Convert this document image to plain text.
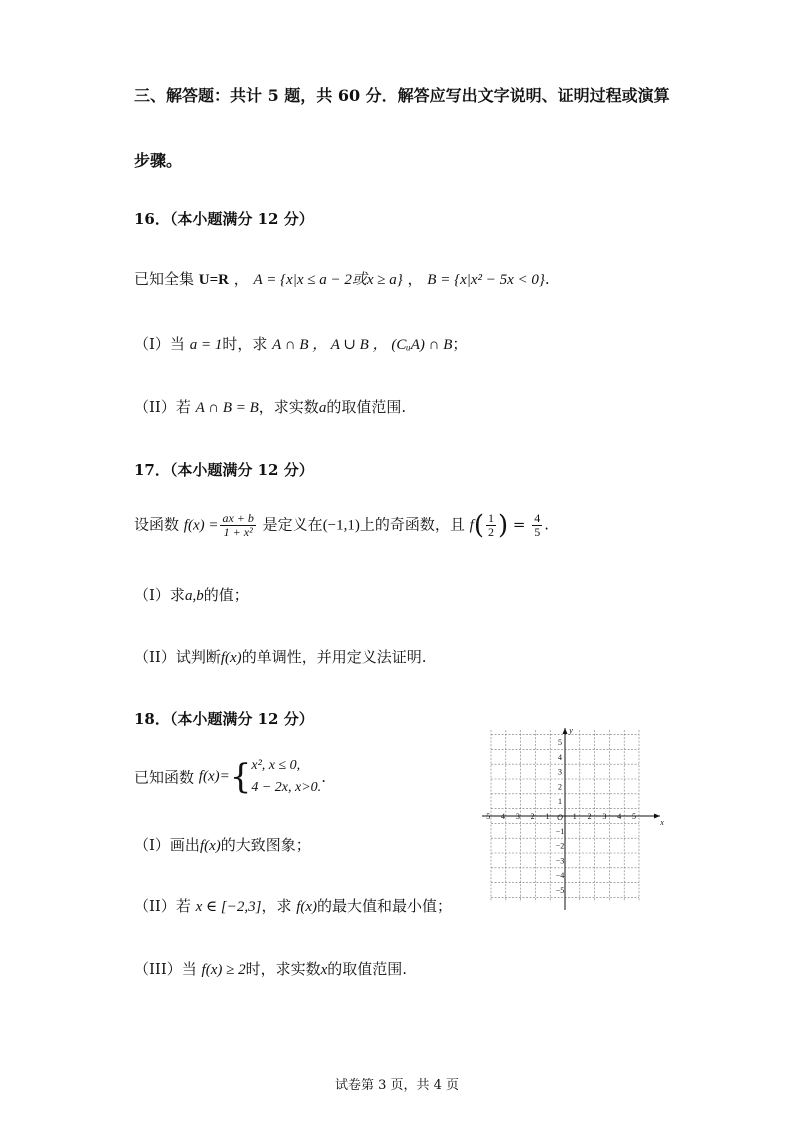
三、解答题：共计 5 题，共 60 分．解答应写出文字说明、证明过程或演算
步骤。
16．（本小题满分 12 分）
已知全集 U=R ， A = {x|x ≤ a − 2或x ≥ a} ， B = {x|x² − 5x < 0}.
（Ⅰ）当 a = 1时，求 A ∩ B ， A ∪ B ， (CᵤA) ∩ B；
（II）若 A ∩ B = B，求实数a的取值范围.
17．（本小题满分 12 分）
设函数 $f(x) = \frac{ax + b}{\text{1 + x²}}$ 是定义在(−1,1)上的奇函数，且 $f( \frac{1}{2}$ ) = $\frac{4}{5}$ .
（Ⅰ）求a,b的值；
（II）试判断f(x)的单调性，并用定义法证明.
18．（本小题满分 12 分）
已知函数 f(x)={ x², x ≤ 0,
4 − 2x, x>0.
.
（Ⅰ）画出f(x)的大致图象；
（II）若 x ∈ [−2,3]，求 f(x)的最大值和最小值；
（III）当 f(x) ≥ 2时，求实数x的取值范围.
−5 −4 −3 −2 −1	1 2 3 4 5
5
4
3
2
1
−1
−2
−3
−4
−5
O
x
y
试卷第 3 页，共 4 页
